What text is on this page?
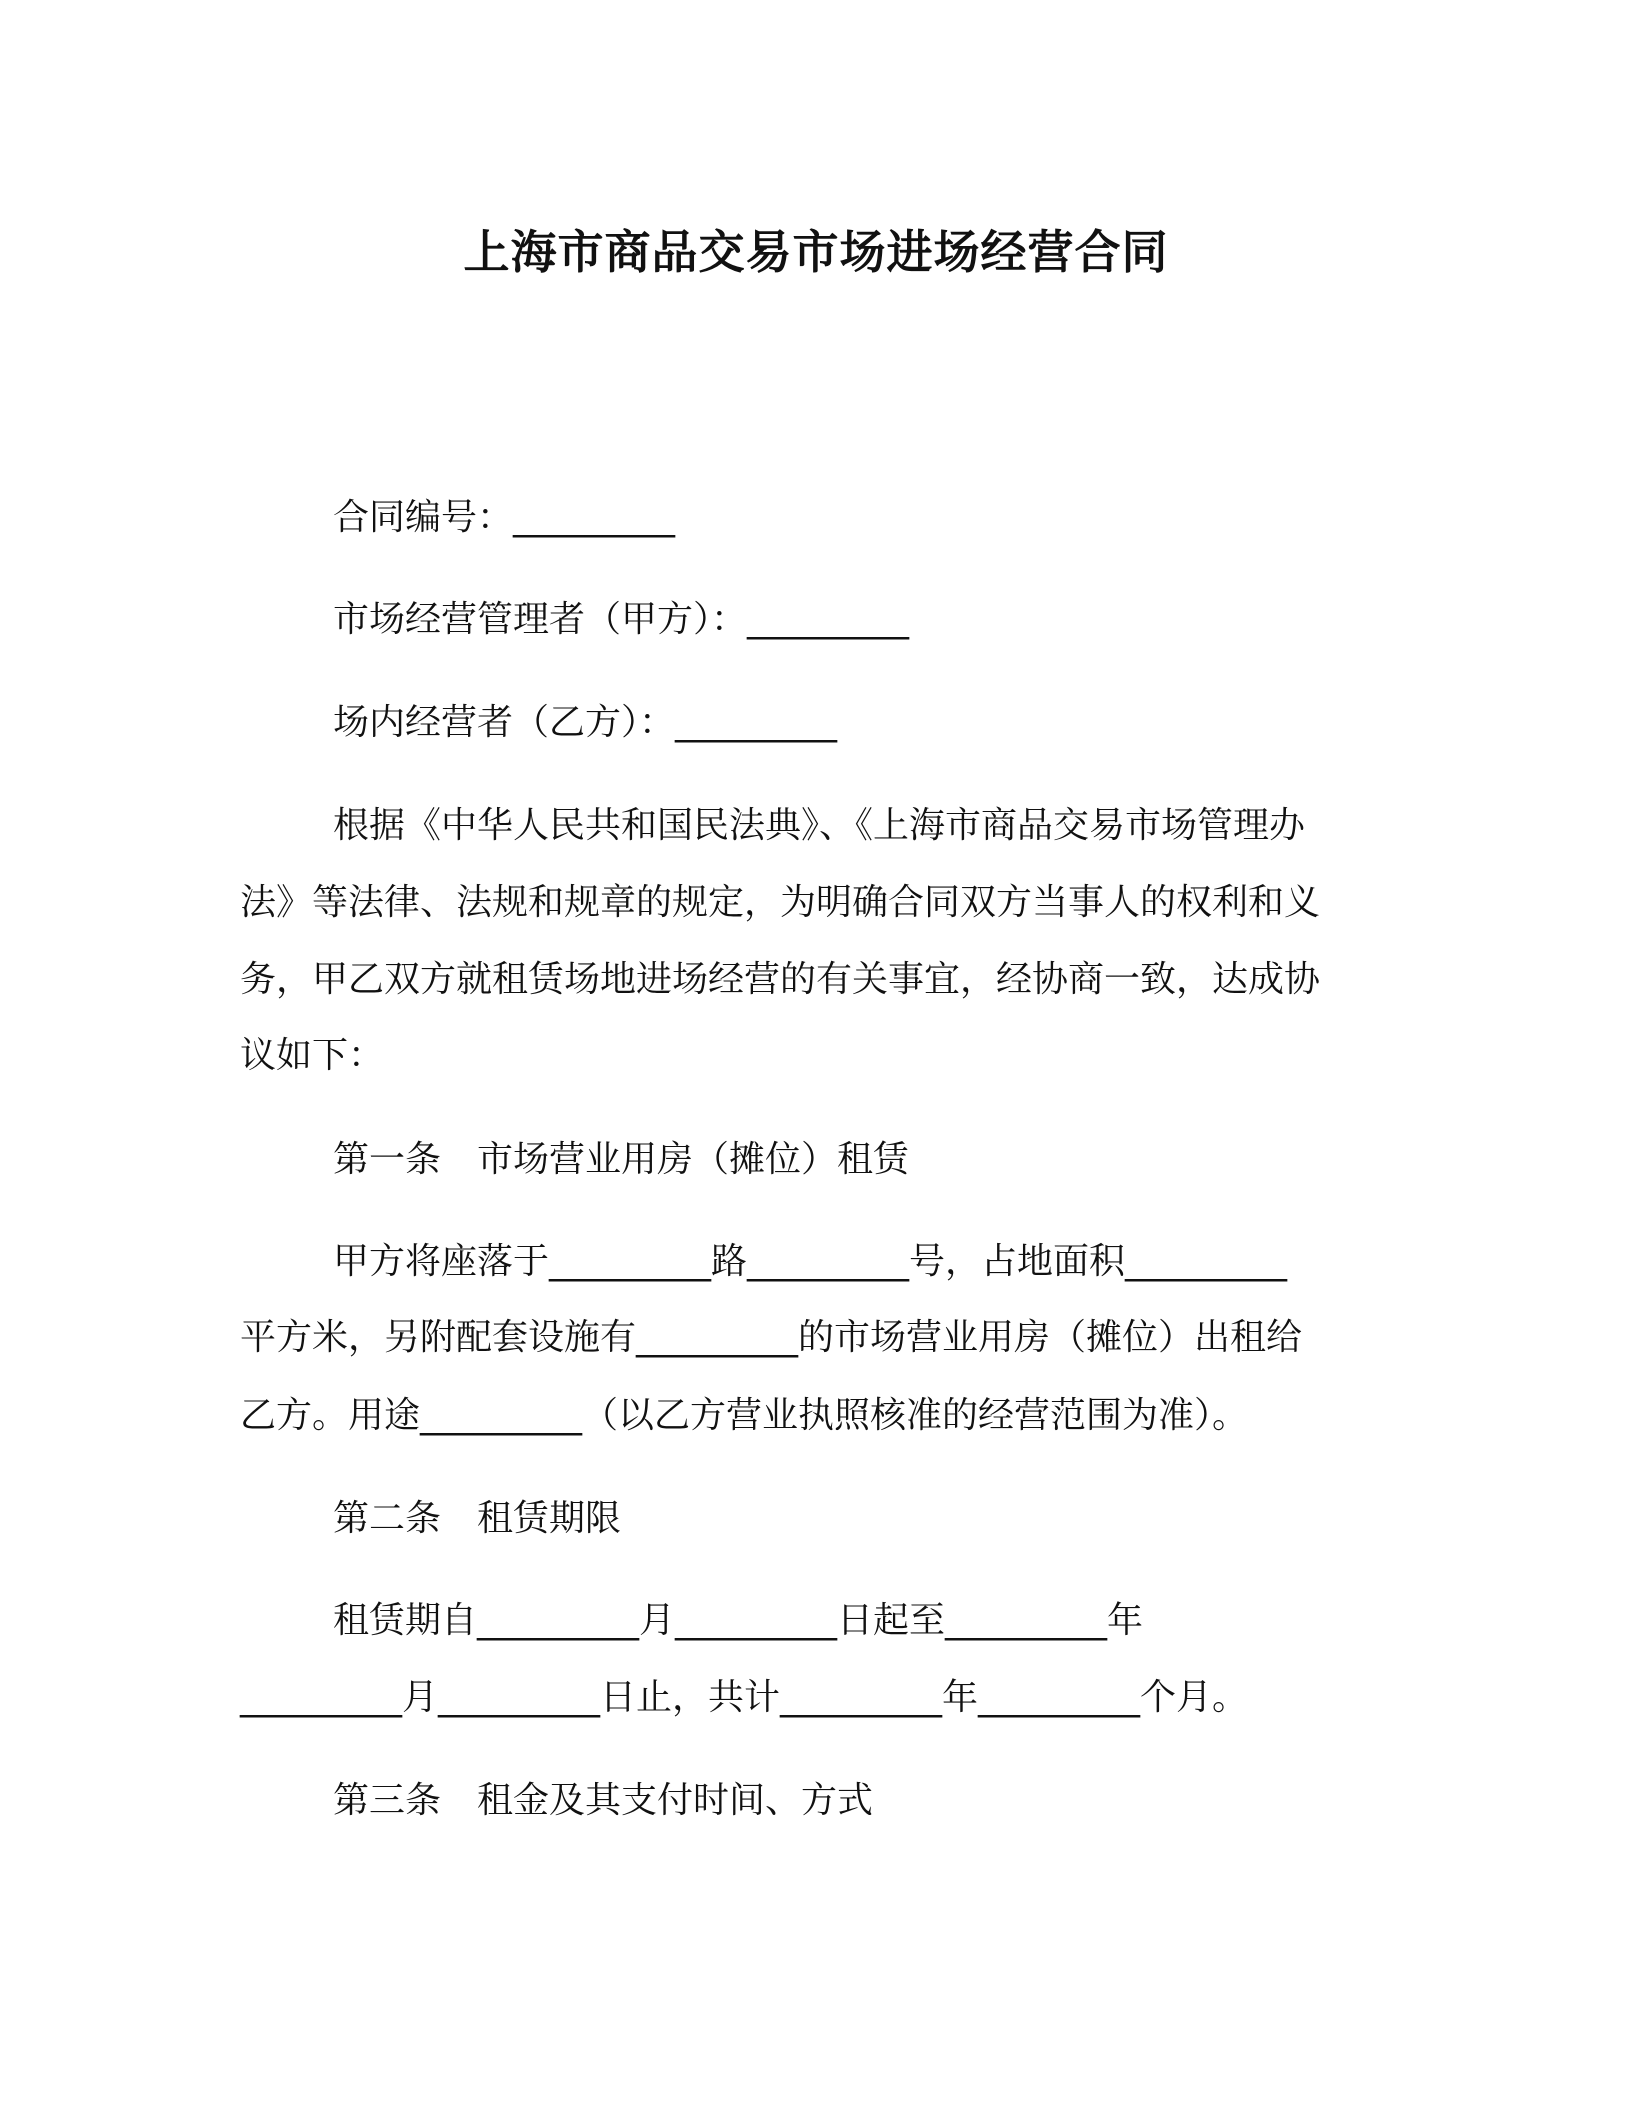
上海市商品交易市场进场经营合同
合同编号：_________
市场经营管理者（甲方）：_________
场内经营者（乙方）：_________
根据《中华人民共和国民法典》、《上海市商品交易市场管理办
法》等法律、法规和规章的规定，为明确合同双方当事人的权利和义
务，甲乙双方就租赁场地进场经营的有关事宜，经协商一致，达成协
议如下：
第一条　市场营业用房（摊位）租赁
甲方将座落于_________路_________号，占地面积_________
平方米，另附配套设施有_________的市场营业用房（摊位）出租给
乙方。用途_________（以乙方营业执照核准的经营范围为准）。
第二条　租赁期限
租赁期自_________月_________日起至_________年
_________月_________日止，共计_________年_________个月。
第三条　租金及其支付时间、方式
